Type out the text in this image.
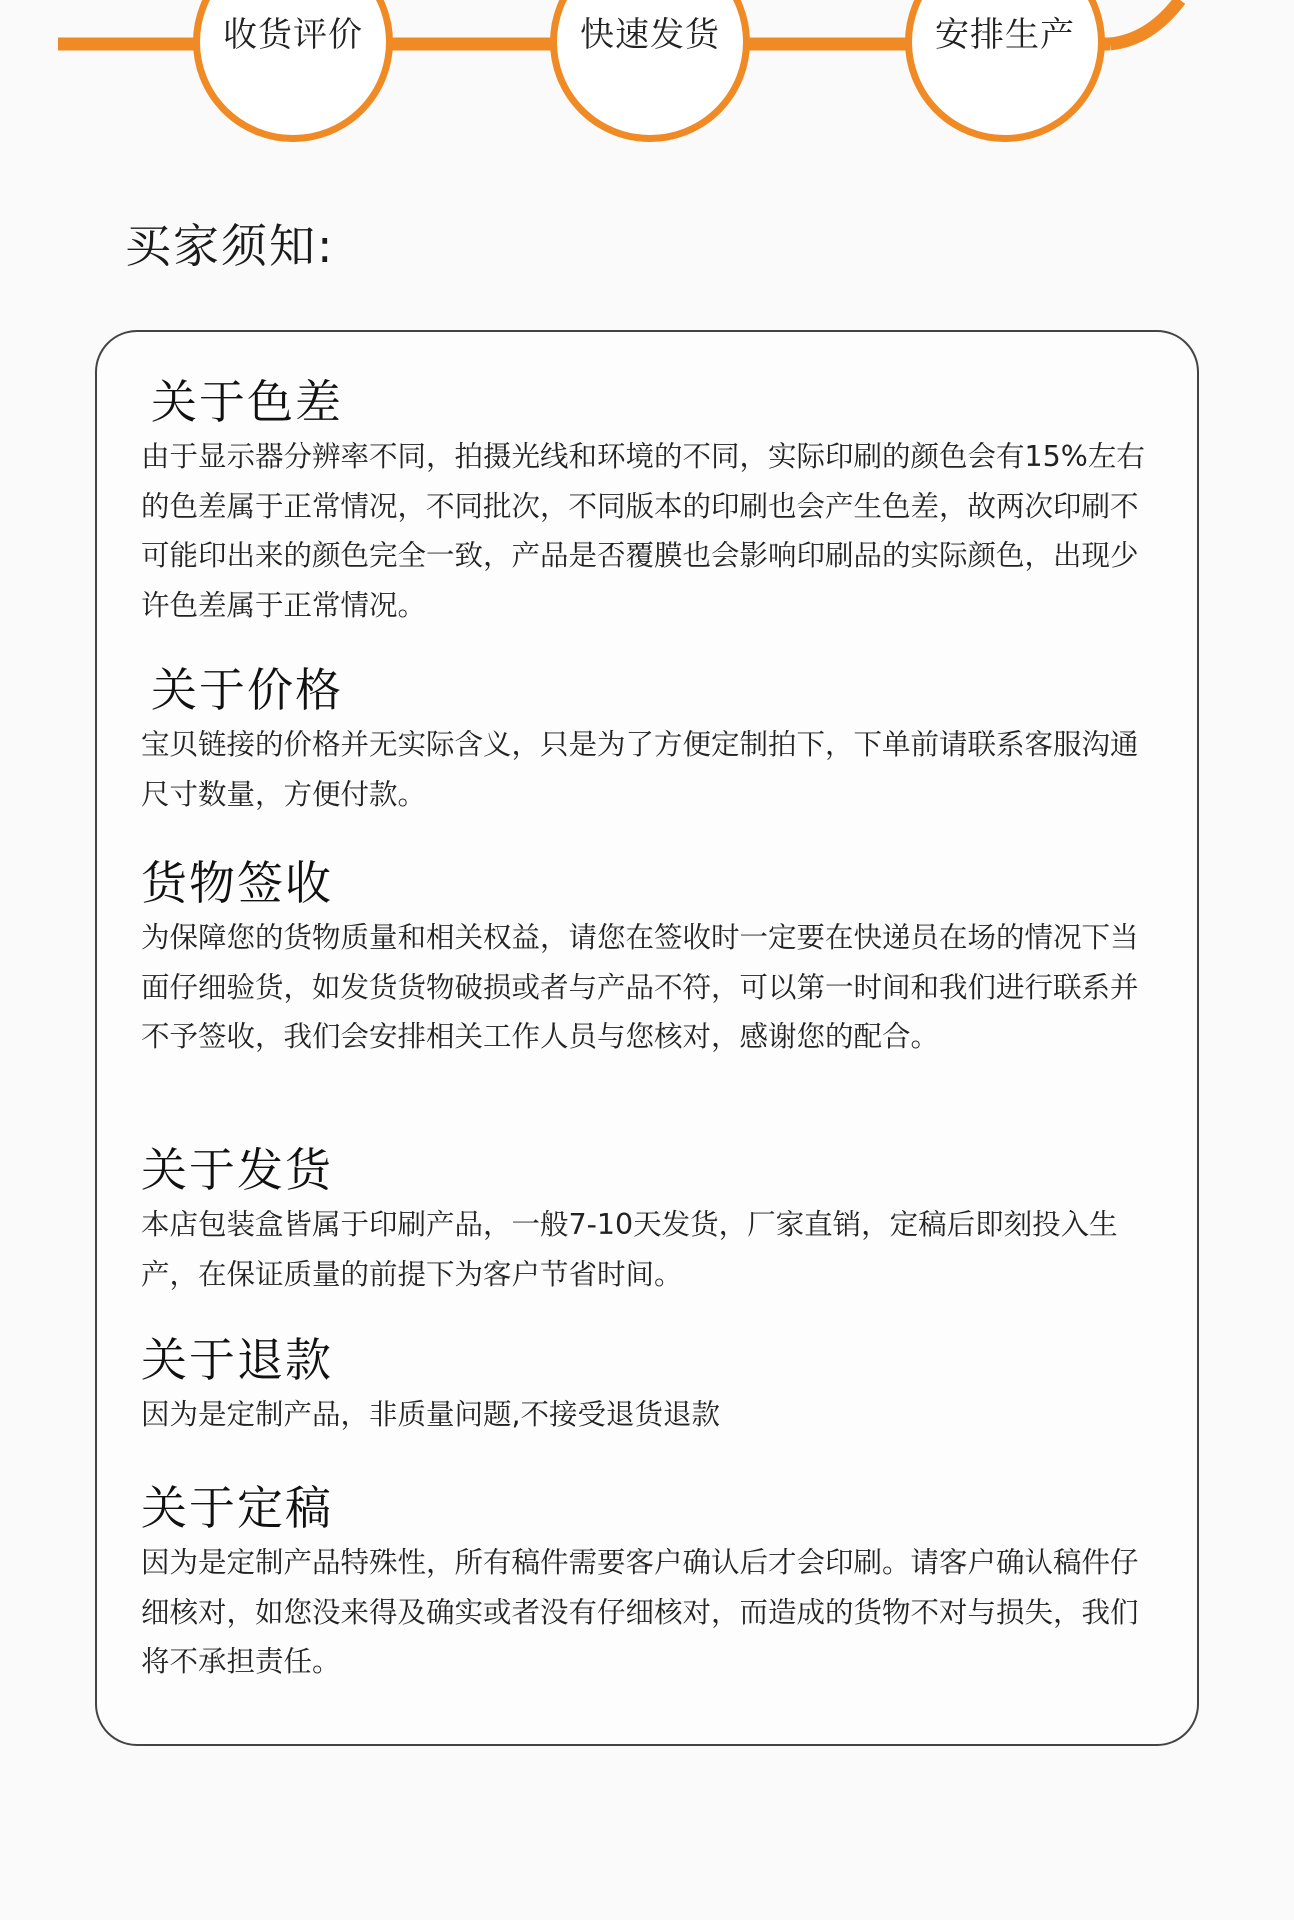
收货评价	快速发货	安排生产
买家须知:
关于色差

由于显示器分辨率不同，拍摄光线和环境的不同，实际印刷的颜色会有15%左右的色差属于正常情况，不同批次，不同版本的印刷也会产生色差，故两次印刷不可能印出来的颜色完全一致，产品是否覆膜也会影响印刷品的实际颜色，出现少许色差属于正常情况。

关于价格

宝贝链接的价格并无实际含义，只是为了方便定制拍下，下单前请联系客服沟通尺寸数量，方便付款。

货物签收

为保障您的货物质量和相关权益，请您在签收时一定要在快递员在场的情况下当面仔细验货，如发货货物破损或者与产品不符，可以第一时间和我们进行联系并不予签收，我们会安排相关工作人员与您核对，感谢您的配合。

关于发货

本店包装盒皆属于印刷产品，一般7-10天发货，厂家直销，定稿后即刻投入生产，在保证质量的前提下为客户节省时间。

关于退款

因为是定制产品，非质量问题,不接受退货退款

关于定稿

因为是定制产品特殊性，所有稿件需要客户确认后才会印刷。请客户确认稿件仔细核对，如您没来得及确实或者没有仔细核对，而造成的货物不对与损失，我们将不承担责任。
